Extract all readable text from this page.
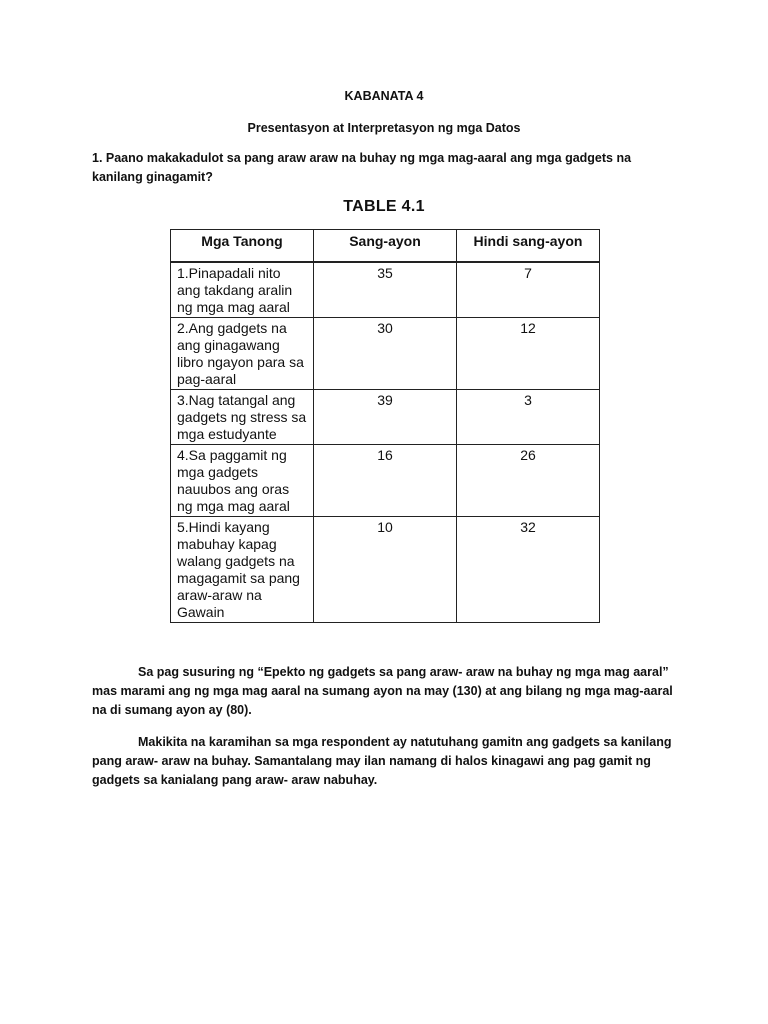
KABANATA 4
Presentasyon at Interpretasyon ng mga Datos
1. Paano makakadulot sa pang araw araw na buhay ng mga mag-aaral ang mga gadgets na kanilang ginagamit?
TABLE 4.1
Mga Tanong	Sang-ayon	Hindi sang-ayon
1.Pinapadali nito ang takdang aralin ng mga mag aaral	35	7
2.Ang gadgets na ang ginagawang libro ngayon para sa pag-aaral	30	12
3.Nag tatangal ang gadgets ng stress sa mga estudyante	39	3
4.Sa paggamit ng mga gadgets nauubos ang oras ng mga mag aaral	16	26
5.Hindi kayang mabuhay kapag walang gadgets na magagamit sa pang araw-araw na Gawain	10	32
Sa pag susuring ng “Epekto ng gadgets sa pang araw- araw na buhay ng mga mag aaral” mas marami ang ng mga mag aaral na sumang ayon na may (130) at ang bilang ng mga mag-aaral na di sumang ayon ay (80).
Makikita na karamihan sa mga respondent ay natutuhang gamitn ang gadgets sa kanilang pang araw- araw na buhay. Samantalang may ilan namang di halos kinagawi ang pag gamit ng gadgets sa kanialang pang araw- araw nabuhay.
